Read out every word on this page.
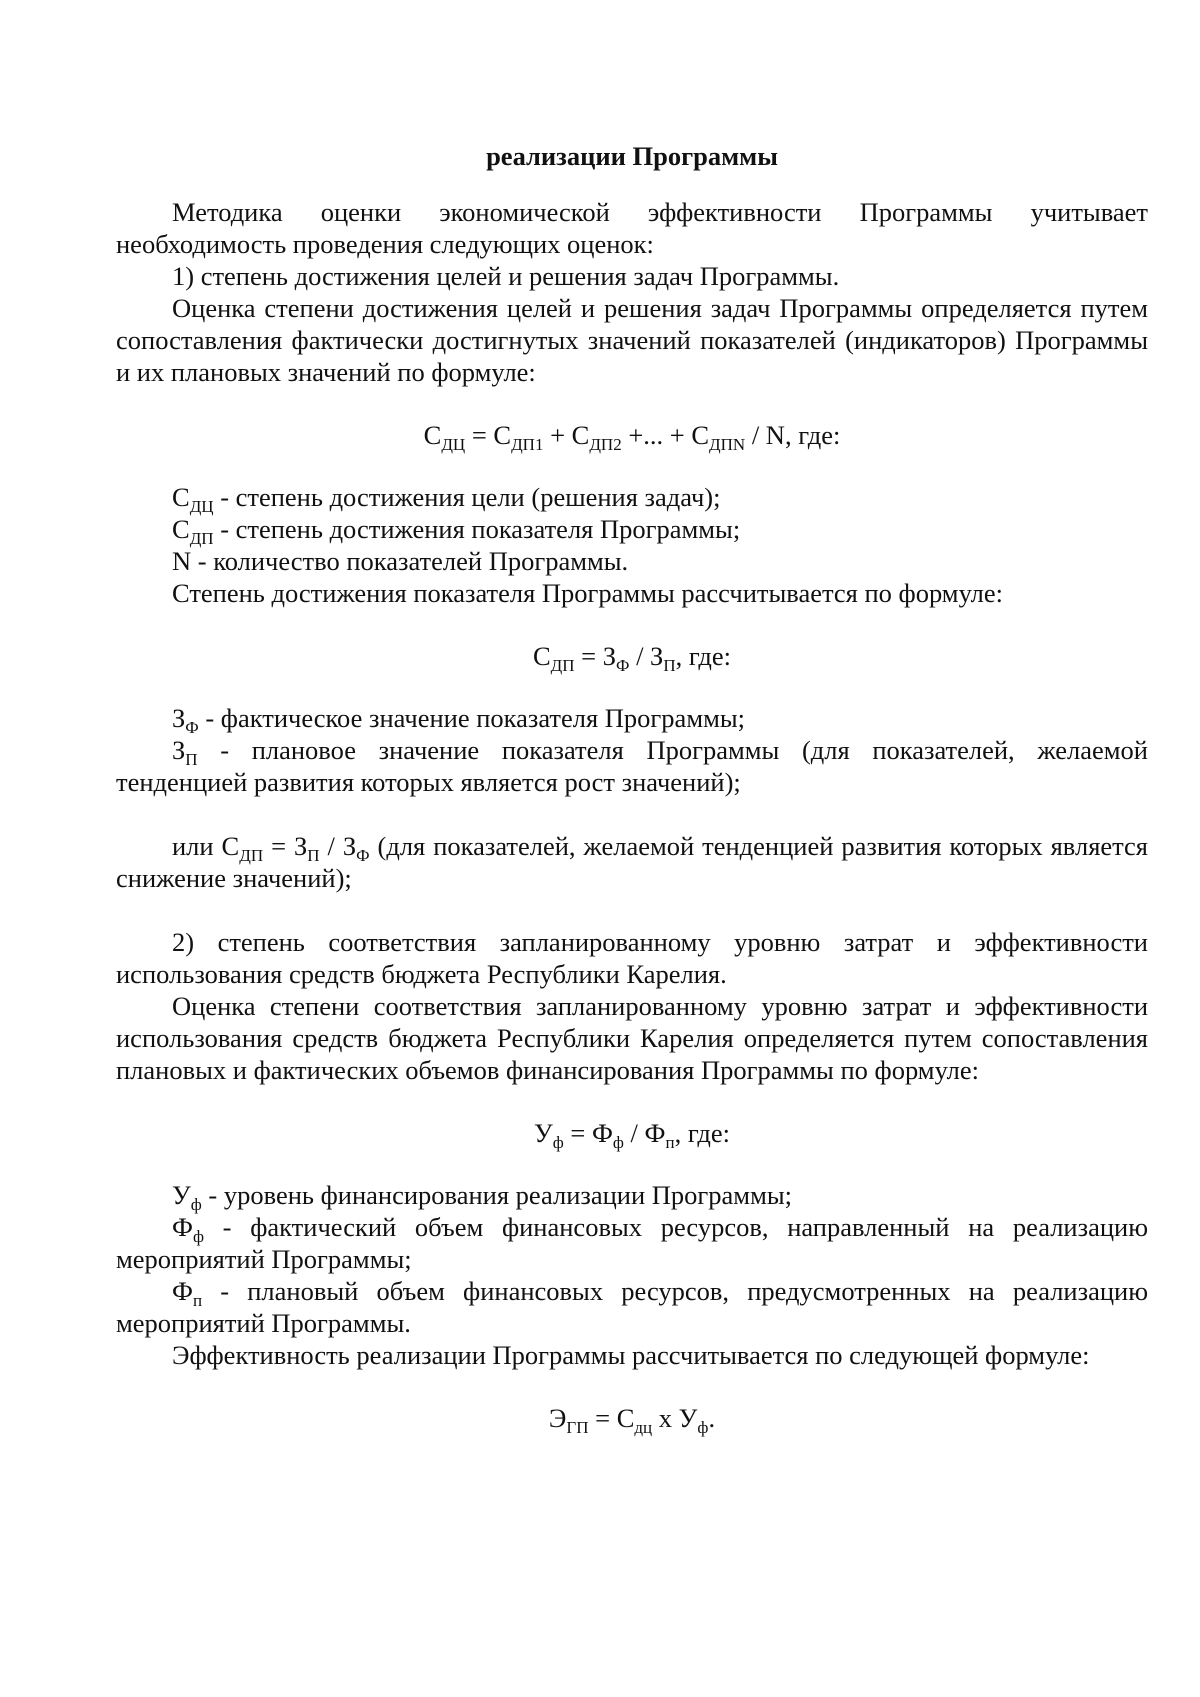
реализации Программы

Методика оценки экономической эффективности Программы учитывает необходимость проведения следующих оценок:

1) степень достижения целей и решения задач Программы.

Оценка степени достижения целей и решения задач Программы определяется путем сопоставления фактически достигнутых значений показателей (индикаторов) Программы и их плановых значений по формуле:

$С_{ДЦ} = С_{ДП1} + С_{ДП2}$ +... + $С_{ДПN}$ / N, где:

$С_{ДЦ}$ - степень достижения цели (решения задач);

$С_{ДП}$ - степень достижения показателя Программы;

N - количество показателей Программы.

Степень достижения показателя Программы рассчитывается по формуле:

$С_{ДП} = З_Ф / З_П$, где:

$З_Ф$ - фактическое значение показателя Программы;

$З_П$ - плановое значение показателя Программы (для показателей, желаемой тенденцией развития которых является рост значений);

или $С_{ДП} = З_П / З_Ф$ (для показателей, желаемой тенденцией развития которых является снижение значений);

2) степень соответствия запланированному уровню затрат и эффективности использования средств бюджета Республики Карелия.

Оценка степени соответствия запланированному уровню затрат и эффективности использования средств бюджета Республики Карелия определяется путем сопоставления плановых и фактических объемов финансирования Программы по формуле:

$У_ф = Ф_ф / Ф_п$, где:

$У_ф$ - уровень финансирования реализации Программы;

$Ф_ф$ - фактический объем финансовых ресурсов, направленный на реализацию мероприятий Программы;

$Ф_п$ - плановый объем финансовых ресурсов, предусмотренных на реализацию мероприятий Программы.

Эффективность реализации Программы рассчитывается по следующей формуле:

$Э_{ГП} = С_{дц}$ х $У_ф$.
